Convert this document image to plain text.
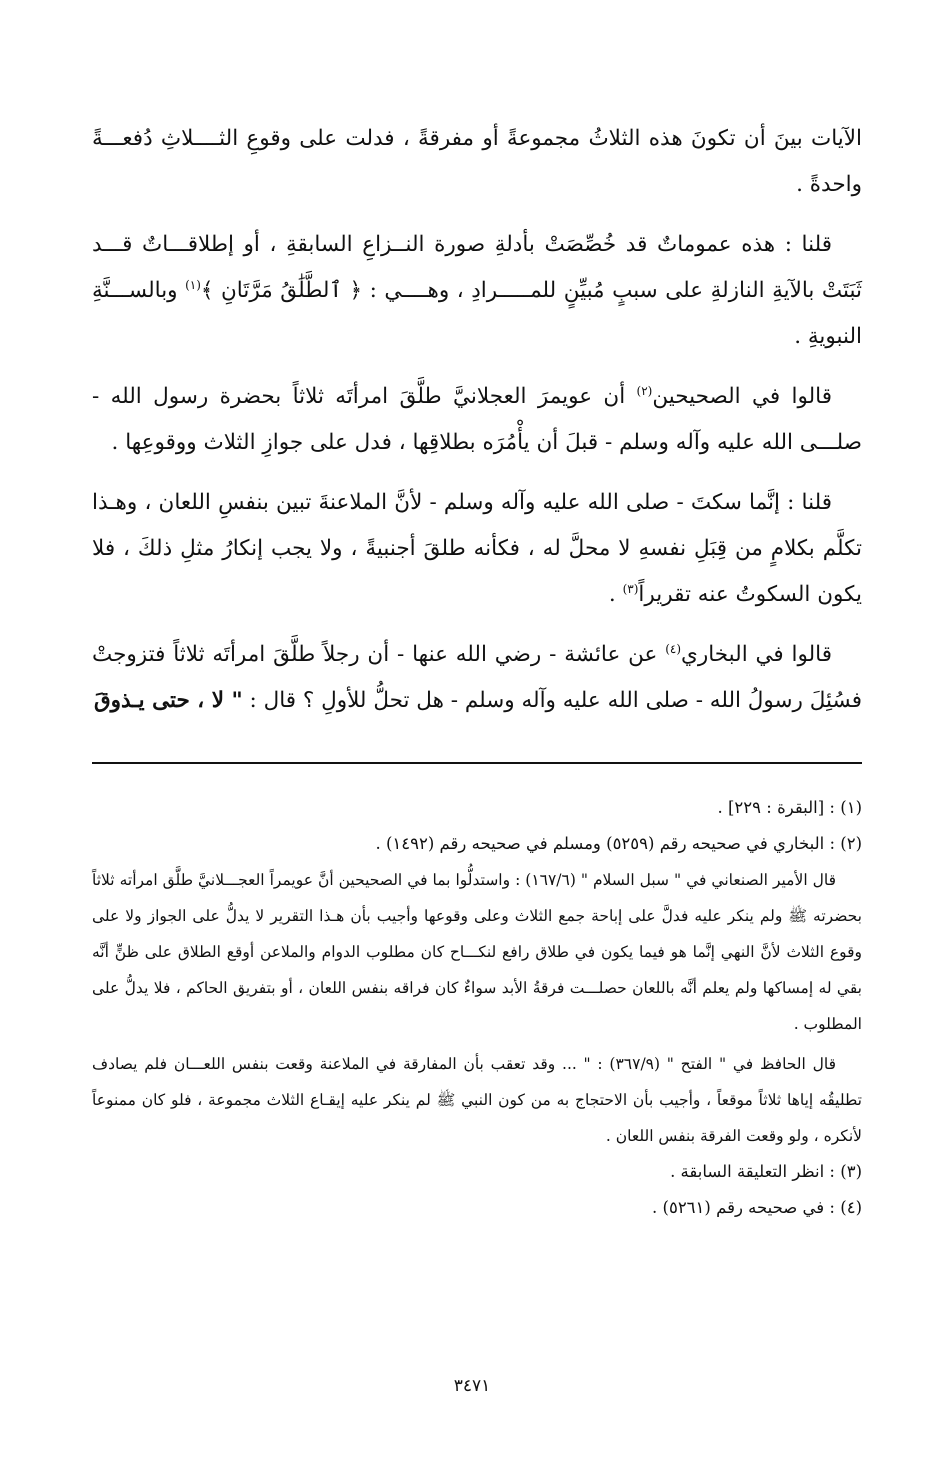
الآيات بينَ أن تكونَ هذه الثلاثُ مجموعةً أو مفرقةً ، فدلت على وقوعِ الثــــلاثِ دُفعـــةً واحدةً .

قلنا : هذه عموماتٌ قد خُصِّصَتْ بأدلةِ صورة النــزاعِ السابقةِ ، أو إطلاقـــاتٌ قـــد ثَبَتَتْ بالآيةِ النازلةِ على سببٍ مُبيِّنٍ للمـــــرادِ ، وهــــي : ﴿ ٱلطَّلَٰقُ مَرَّتَانِ ﴾$^{(١)}$ وبالســـنَّةِ النبويةِ .

قالوا في الصحيحين$^{(٢)}$ أن عويمرَ العجلانيَّ طلَّقَ امرأتَه ثلاثاً بحضرة رسول الله - صلـــى الله عليه وآله وسلم - قبلَ أن يأْمُرَه بطلاقِها ، فدل على جوازِ الثلاث ووقوعِها .

قلنا : إنَّما سكتَ - صلى الله عليه وآله وسلم - لأنَّ الملاعنةَ تبين بنفسِ اللعان ، وهـذا تكلَّم بكلامٍ من قِبَلِ نفسهِ لا محلَّ له ، فكأنه طلقَ أجنبيةً ، ولا يجب إنكارُ مثلِ ذلكَ ، فلا يكون السكوتُ عنه تقريراً$^{(٣)}$ .

قالوا في البخاري$^{(٤)}$ عن عائشة - رضي الله عنها - أن رجلاً طلَّقَ امرأتَه ثلاثاً فتزوجتْ فسُئِلَ رسولُ الله - صلى الله عليه وآله وسلم - هل تحلُّ للأولِ ؟ قال : " لا ، حتى يـذوقَ

(١) : [البقرة : ٢٢٩] .

(٢) : البخاري في صحيحه رقم (٥٢٥٩) ومسلم في صحيحه رقم (١٤٩٢) .

قال الأمير الصنعاني في " سبل السلام " (١٦٧/٦) : واستدلُّوا بما في الصحيحين أنَّ عويمراً العجـــلانيَّ طلَّق امرأته ثلاثاً بحضرته ﷺ ولم ينكر عليه فدلَّ على إباحة جمع الثلاث وعلى وقوعها وأجيب بأن هـذا التقرير لا يدلُّ على الجواز ولا على وقوع الثلاث لأنَّ النهي إنَّما هو فيما يكون في طلاق رافع لنكـــاح كان مطلوب الدوام والملاعن أوقع الطلاق على ظنٍّ أنَّه بقي له إمساكها ولم يعلم أنَّه باللعان حصلـــت فرقةُ الأبد سواءٌ كان فراقه بنفس اللعان ، أو بتفريق الحاكم ، فلا يدلُّ على المطلوب .

قال الحافظ في " الفتح " (٣٦٧/٩) : " ... وقد تعقب بأن المفارقة في الملاعنة وقعت بنفس اللعـــان فلم يصادف تطليقُه إياها ثلاثاً موقعاً ، وأجيب بأن الاحتجاج به من كون النبي ﷺ لم ينكر عليه إيقـاع الثلاث مجموعة ، فلو كان ممنوعاً لأنكره ، ولو وقعت الفرقة بنفس اللعان .

(٣) : انظر التعليقة السابقة .

(٤) : في صحيحه رقم (٥٢٦١) .

٣٤٧١
